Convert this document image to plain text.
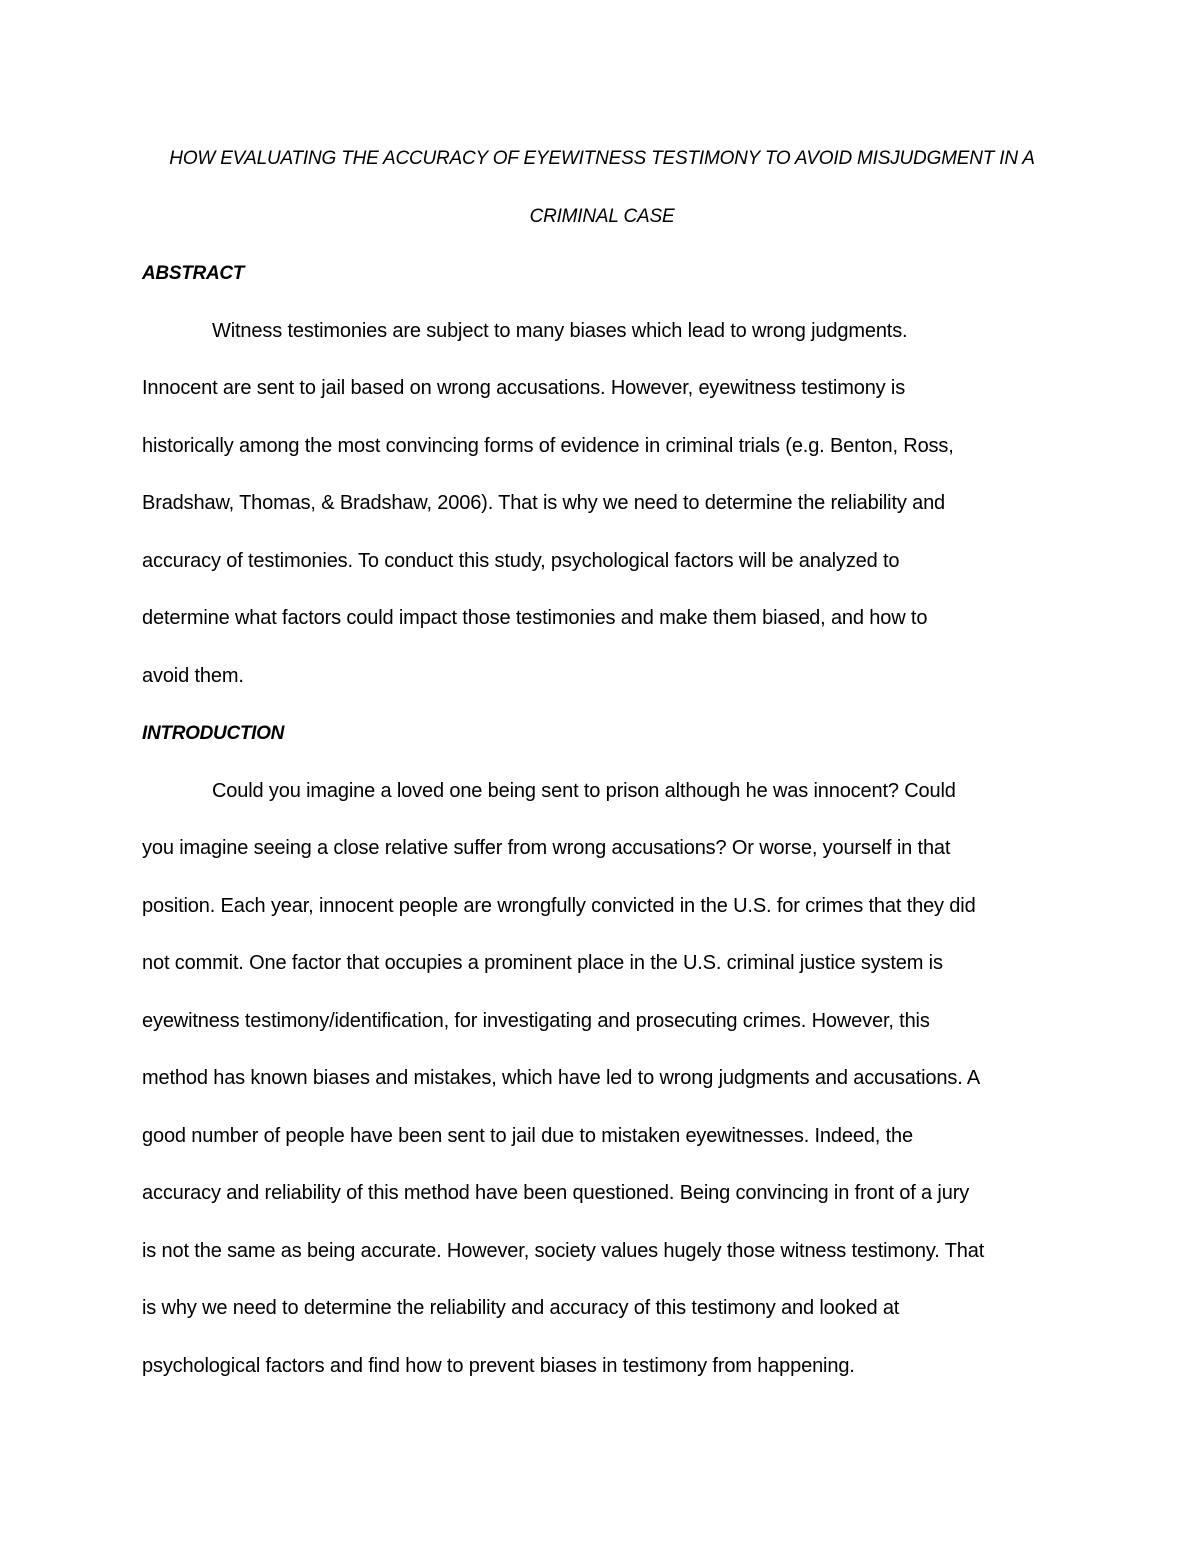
HOW EVALUATING THE ACCURACY OF EYEWITNESS TESTIMONY TO AVOID MISJUDGMENT IN A
CRIMINAL CASE
ABSTRACT
Witness testimonies are subject to many biases which lead to wrong judgments.
Innocent are sent to jail based on wrong accusations. However, eyewitness testimony is
historically among the most convincing forms of evidence in criminal trials (e.g. Benton, Ross,
Bradshaw, Thomas, & Bradshaw, 2006). That is why we need to determine the reliability and
accuracy of testimonies. To conduct this study, psychological factors will be analyzed to
determine what factors could impact those testimonies and make them biased, and how to
avoid them.
INTRODUCTION
Could you imagine a loved one being sent to prison although he was innocent? Could
you imagine seeing a close relative suffer from wrong accusations? Or worse, yourself in that
position. Each year, innocent people are wrongfully convicted in the U.S. for crimes that they did
not commit. One factor that occupies a prominent place in the U.S. criminal justice system is
eyewitness testimony/identification, for investigating and prosecuting crimes. However, this
method has known biases and mistakes, which have led to wrong judgments and accusations. A
good number of people have been sent to jail due to mistaken eyewitnesses. Indeed, the
accuracy and reliability of this method have been questioned. Being convincing in front of a jury
is not the same as being accurate. However, society values hugely those witness testimony. That
is why we need to determine the reliability and accuracy of this testimony and looked at
psychological factors and find how to prevent biases in testimony from happening.
